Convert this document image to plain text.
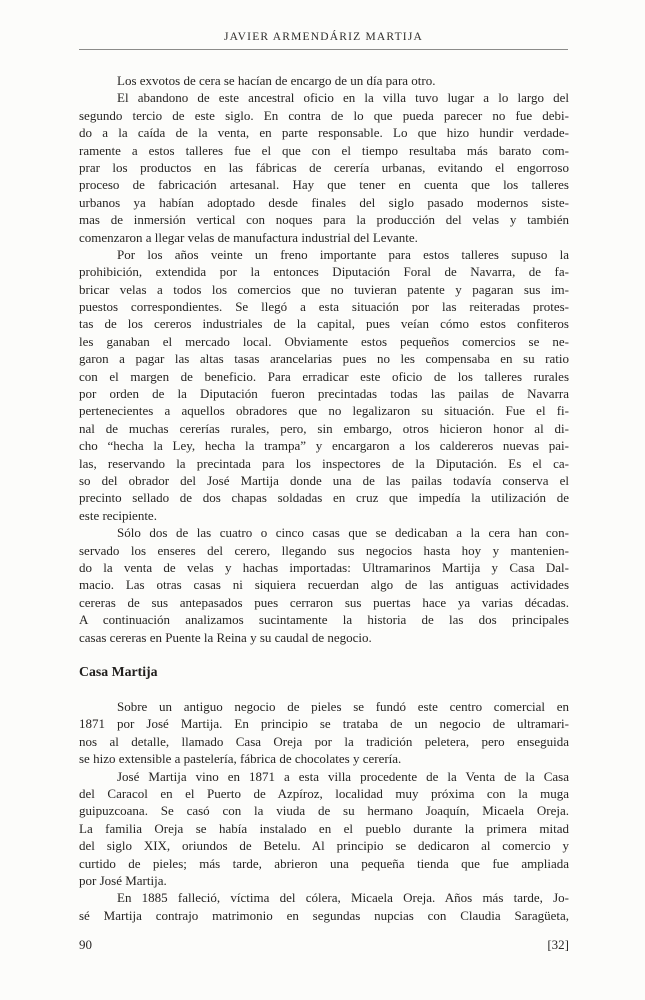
JAVIER ARMENDÁRIZ MARTIJA
Los exvotos de cera se hacían de encargo de un día para otro.
El abandono de este ancestral oficio en la villa tuvo lugar a lo largo del
segundo tercio de este siglo. En contra de lo que pueda parecer no fue debi-
do a la caída de la venta, en parte responsable. Lo que hizo hundir verdade-
ramente a estos talleres fue el que con el tiempo resultaba más barato com-
prar los productos en las fábricas de cerería urbanas, evitando el engorroso
proceso de fabricación artesanal. Hay que tener en cuenta que los talleres
urbanos ya habían adoptado desde finales del siglo pasado modernos siste-
mas de inmersión vertical con noques para la producción del velas y también
comenzaron a llegar velas de manufactura industrial del Levante.
Por los años veinte un freno importante para estos talleres supuso la
prohibición, extendida por la entonces Diputación Foral de Navarra, de fa-
bricar velas a todos los comercios que no tuvieran patente y pagaran sus im-
puestos correspondientes. Se llegó a esta situación por las reiteradas protes-
tas de los cereros industriales de la capital, pues veían cómo estos confiteros
les ganaban el mercado local. Obviamente estos pequeños comercios se ne-
garon a pagar las altas tasas arancelarias pues no les compensaba en su ratio
con el margen de beneficio. Para erradicar este oficio de los talleres rurales
por orden de la Diputación fueron precintadas todas las pailas de Navarra
pertenecientes a aquellos obradores que no legalizaron su situación. Fue el fi-
nal de muchas cererías rurales, pero, sin embargo, otros hicieron honor al di-
cho “hecha la Ley, hecha la trampa” y encargaron a los caldereros nuevas pai-
las, reservando la precintada para los inspectores de la Diputación. Es el ca-
so del obrador del José Martija donde una de las pailas todavía conserva el
precinto sellado de dos chapas soldadas en cruz que impedía la utilización de
este recipiente.
Sólo dos de las cuatro o cinco casas que se dedicaban a la cera han con-
servado los enseres del cerero, llegando sus negocios hasta hoy y mantenien-
do la venta de velas y hachas importadas: Ultramarinos Martija y Casa Dal-
macio. Las otras casas ni siquiera recuerdan algo de las antiguas actividades
cereras de sus antepasados pues cerraron sus puertas hace ya varias décadas.
A continuación analizamos sucintamente la historia de las dos principales
casas cereras en Puente la Reina y su caudal de negocio.
Casa Martija
Sobre un antiguo negocio de pieles se fundó este centro comercial en
1871 por José Martija. En principio se trataba de un negocio de ultramari-
nos al detalle, llamado Casa Oreja por la tradición peletera, pero enseguida
se hizo extensible a pastelería, fábrica de chocolates y cerería.
José Martija vino en 1871 a esta villa procedente de la Venta de la Casa
del Caracol en el Puerto de Azpíroz, localidad muy próxima con la muga
guipuzcoana. Se casó con la viuda de su hermano Joaquín, Micaela Oreja.
La familia Oreja se había instalado en el pueblo durante la primera mitad
del siglo XIX, oriundos de Betelu. Al principio se dedicaron al comercio y
curtido de pieles; más tarde, abrieron una pequeña tienda que fue ampliada
por José Martija.
En 1885 falleció, víctima del cólera, Micaela Oreja. Años más tarde, Jo-
sé Martija contrajo matrimonio en segundas nupcias con Claudia Saragüeta,
90	[32]
